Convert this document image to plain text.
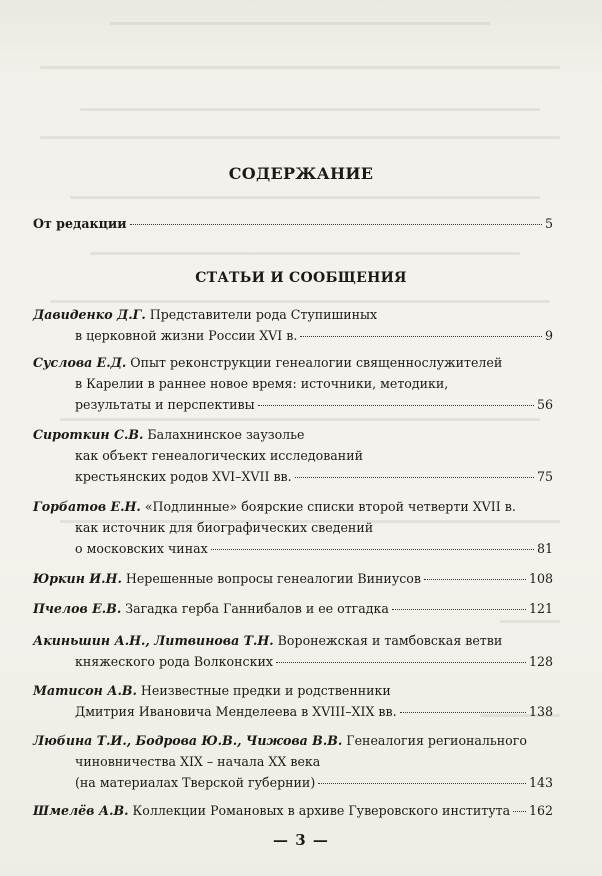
СОДЕРЖАНИЕ
От редакции	5
СТАТЬИ И СООБЩЕНИЯ
Давиденко Д.Г.
Представители рода Ступишиных
в церковной жизни России XVI в.	9
Суслова Е.Д.
Опыт реконструкции генеалогии священнослужителей
в Карелии в раннее новое время: источники, методики,
результаты и перспективы	56
Сироткин С.В.
Балахнинское заузолье
как объект генеалогических исследований
крестьянских родов XVI–XVII вв.	75
Горбатов Е.Н.
«Подлинные» боярские списки второй четверти XVII в.
как источник для биографических сведений
о московских чинах	81
Юркин И.Н.
Нерешенные вопросы генеалогии Виниусов	108
Пчелов Е.В.
Загадка герба Ганнибалов и ее отгадка	121
Акиньшин А.Н., Литвинова Т.Н.
Воронежская и тамбовская ветви
княжеского рода Волконских	128
Матисон А.В.
Неизвестные предки и родственники
Дмитрия Ивановича Менделеева в XVIII–XIX вв.	138
Любина Т.И., Бодрова Ю.В., Чижова В.В.
Генеалогия регионального
чиновничества XIX – начала XX века
(на материалах Тверской губернии)	143
Шмелёв А.В.
Коллекции Романовых в архиве Гуверовского института 162
— 3 —
